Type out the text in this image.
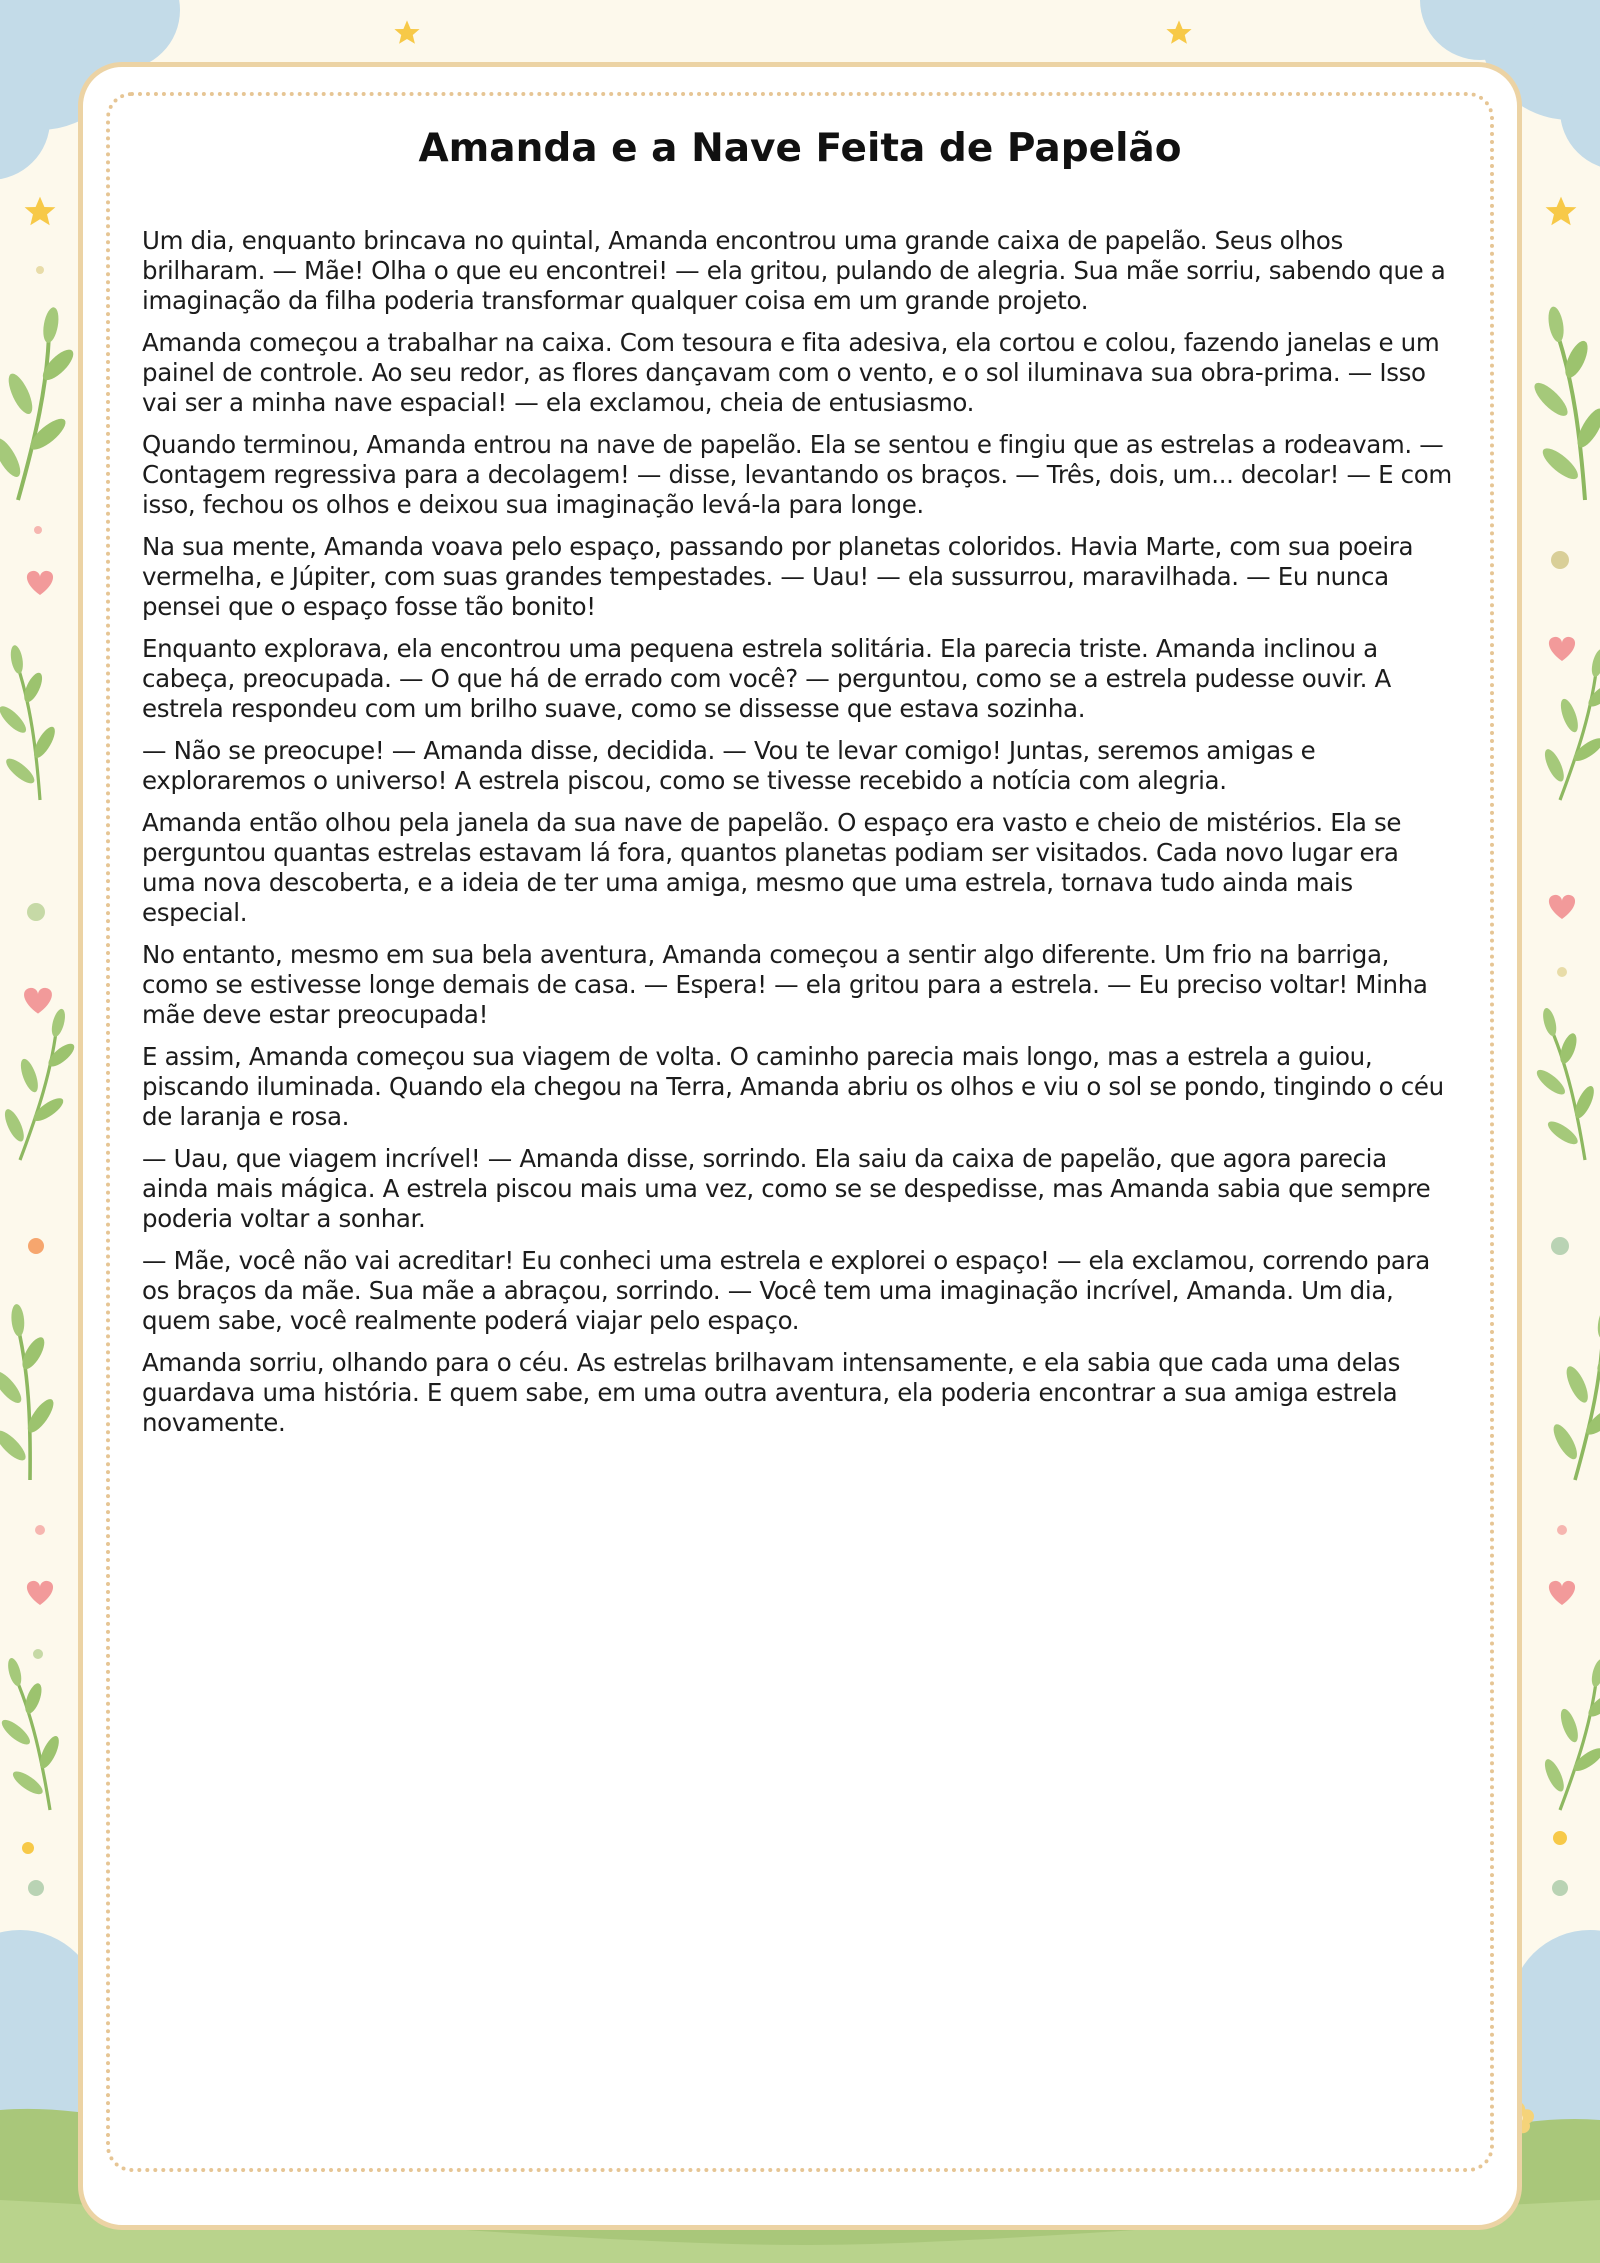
Amanda e a Nave Feita de Papelão

Um dia, enquanto brincava no quintal, Amanda encontrou uma grande caixa de papelão. Seus olhos brilharam. — Mãe! Olha o que eu encontrei! — ela gritou, pulando de alegria. Sua mãe sorriu, sabendo que a imaginação da filha poderia transformar qualquer coisa em um grande projeto.

Amanda começou a trabalhar na caixa. Com tesoura e fita adesiva, ela cortou e colou, fazendo janelas e um painel de controle. Ao seu redor, as flores dançavam com o vento, e o sol iluminava sua obra-prima. — Isso vai ser a minha nave espacial! — ela exclamou, cheia de entusiasmo.

Quando terminou, Amanda entrou na nave de papelão. Ela se sentou e fingiu que as estrelas a rodeavam. — Contagem regressiva para a decolagem! — disse, levantando os braços. — Três, dois, um... decolar! — E com isso, fechou os olhos e deixou sua imaginação levá-la para longe.

Na sua mente, Amanda voava pelo espaço, passando por planetas coloridos. Havia Marte, com sua poeira vermelha, e Júpiter, com suas grandes tempestades. — Uau! — ela sussurrou, maravilhada. — Eu nunca pensei que o espaço fosse tão bonito!

Enquanto explorava, ela encontrou uma pequena estrela solitária. Ela parecia triste. Amanda inclinou a cabeça, preocupada. — O que há de errado com você? — perguntou, como se a estrela pudesse ouvir. A estrela respondeu com um brilho suave, como se dissesse que estava sozinha.

— Não se preocupe! — Amanda disse, decidida. — Vou te levar comigo! Juntas, seremos amigas e exploraremos o universo! A estrela piscou, como se tivesse recebido a notícia com alegria.

Amanda então olhou pela janela da sua nave de papelão. O espaço era vasto e cheio de mistérios. Ela se perguntou quantas estrelas estavam lá fora, quantos planetas podiam ser visitados. Cada novo lugar era uma nova descoberta, e a ideia de ter uma amiga, mesmo que uma estrela, tornava tudo ainda mais especial.

No entanto, mesmo em sua bela aventura, Amanda começou a sentir algo diferente. Um frio na barriga, como se estivesse longe demais de casa. — Espera! — ela gritou para a estrela. — Eu preciso voltar! Minha mãe deve estar preocupada!

E assim, Amanda começou sua viagem de volta. O caminho parecia mais longo, mas a estrela a guiou, piscando iluminada. Quando ela chegou na Terra, Amanda abriu os olhos e viu o sol se pondo, tingindo o céu de laranja e rosa.

— Uau, que viagem incrível! — Amanda disse, sorrindo. Ela saiu da caixa de papelão, que agora parecia ainda mais mágica. A estrela piscou mais uma vez, como se se despedisse, mas Amanda sabia que sempre poderia voltar a sonhar.

— Mãe, você não vai acreditar! Eu conheci uma estrela e explorei o espaço! — ela exclamou, correndo para os braços da mãe. Sua mãe a abraçou, sorrindo. — Você tem uma imaginação incrível, Amanda. Um dia, quem sabe, você realmente poderá viajar pelo espaço.

Amanda sorriu, olhando para o céu. As estrelas brilhavam intensamente, e ela sabia que cada uma delas guardava uma história. E quem sabe, em uma outra aventura, ela poderia encontrar a sua amiga estrela novamente.
